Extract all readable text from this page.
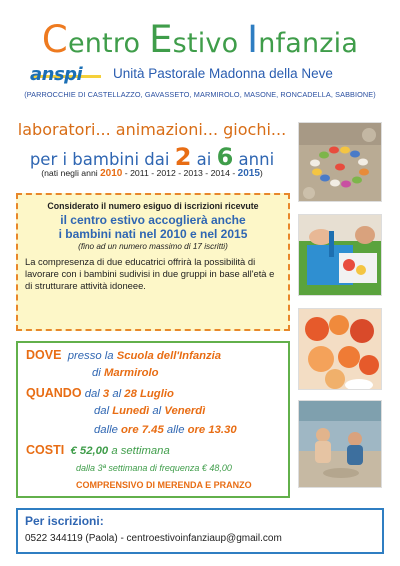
Centro Estivo Infanzia
anspi Unità Pastorale Madonna della Neve
(PARROCCHIE DI CASTELLAZZO, GAVASSETO, MARMIROLO, MASONE, RONCADELLA, SABBIONE)
laboratori... animazioni... giochi...
per i bambini dai 2 ai 6 anni
(nati negli anni 2010 - 2011 - 2012 - 2013 - 2014 - 2015)
Considerato il numero esiguo di iscrizioni ricevute
il centro estivo accoglierà anche
i bambini nati nel 2010 e nel 2015
(fino ad un numero massimo di 17 iscritti)
La compresenza di due educatrici offrirà la possibilità di lavorare con i bambini sudivisi in due gruppi in base all'età e di strutturare attività idoneee.
DOVE presso la Scuola dell'Infanzia
di Marmirolo
QUANDO dal 3 al 28 Luglio
dal Lunedì al Venerdì
dalle ore 7.45 alle ore 13.30
COSTI € 52,00 a settimana
dalla 3ª settimana di frequenza € 48,00
COMPRENSIVO DI MERENDA E PRANZO
Per iscrizioni:
0522 344119 (Paola) - centroestivoinfanziaup@gmail.com
